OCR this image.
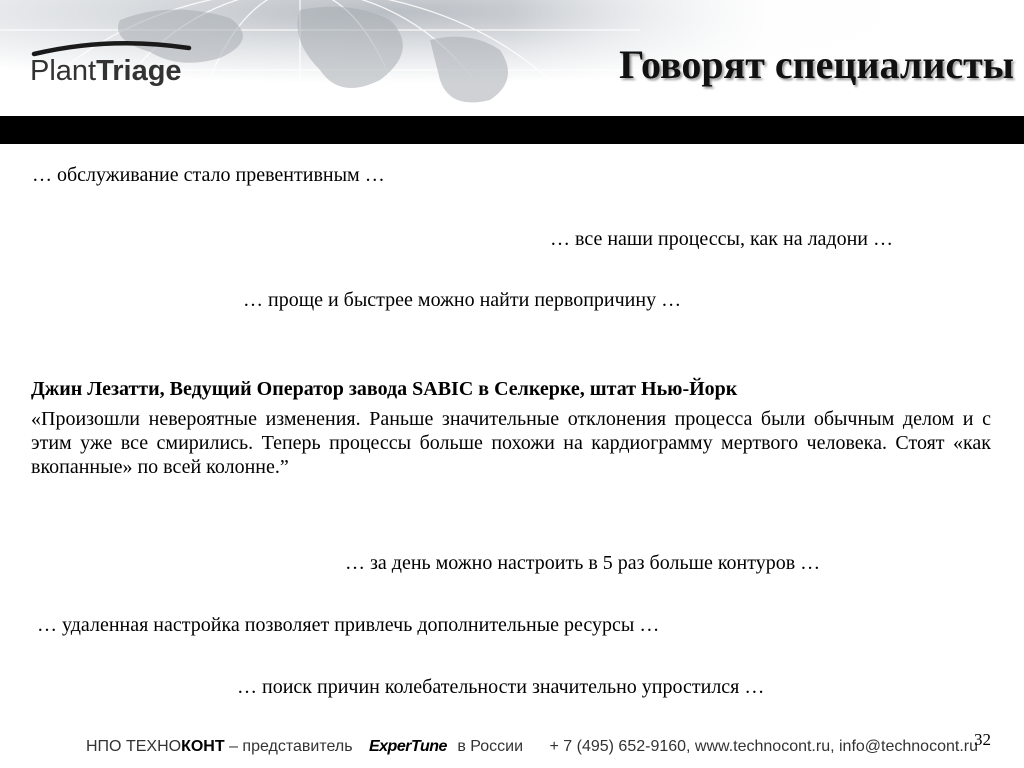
PlantTriage	Говорят специалисты
… обслуживание стало превентивным …
… все наши процессы, как на ладони …
… проще и быстрее можно найти первопричину …
Джин Лезатти, Ведущий Оператор завода SABIC в Селкерке, штат Нью-Йорк
«Произошли невероятные изменения. Раньше значительные отклонения процесса были обычным делом и с этим уже все смирились. Теперь процессы больше похожи на кардиограмму мертвого человека. Стоят «как вкопанные» по всей колонне.”
… за день можно настроить в 5 раз больше контуров …
… удаленная настройка позволяет привлечь дополнительные ресурсы …
… поиск причин колебательности значительно упростился …
НПО ТЕХНОКОНТ – представитель ExperTune в России + 7 (495) 652-9160, www.technocont.ru, info@technocont.ru
32
